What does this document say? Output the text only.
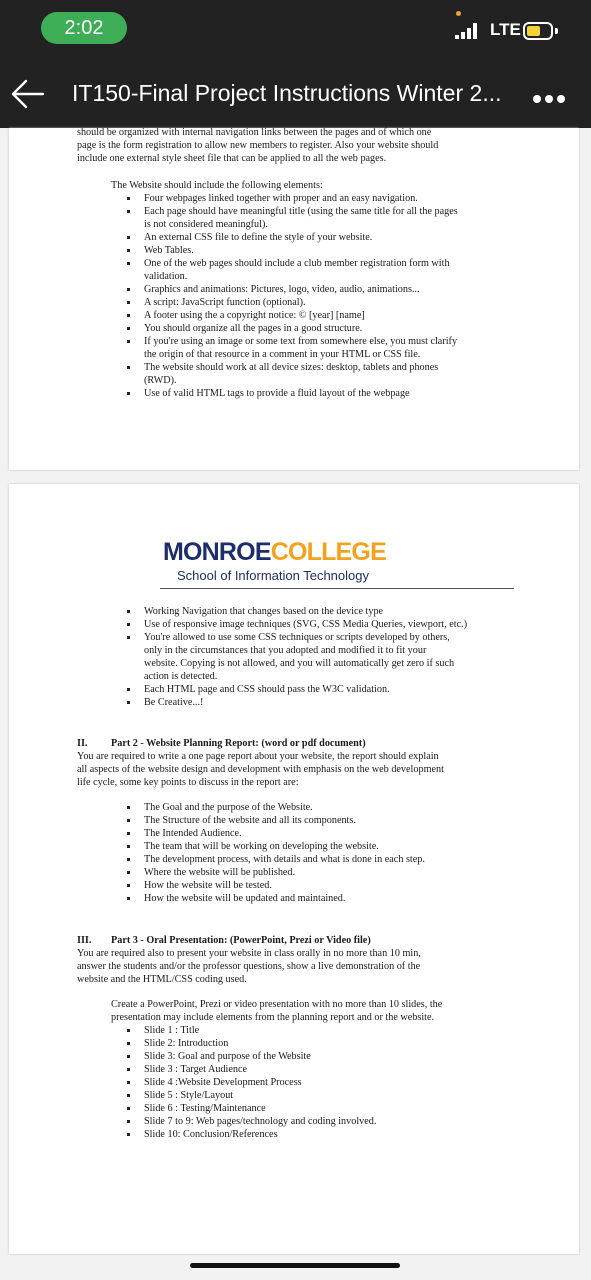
2:02	LTE
IT150-Final Project Instructions Winter 2...
should be organized with internal navigation links between the pages and of which one
page is the form registration to allow new members to register. Also your website should
include one external style sheet file that can be applied to all the web pages.
The Website should include the following elements:
Four webpages linked together with proper and an easy navigation.
Each page should have meaningful title (using the same title for all the pages
is not considered meaningful).
An external CSS file to define the style of your website.
Web Tables.
One of the web pages should include a club member registration form with
validation.
Graphics and animations: Pictures, logo, video, audio, animations...
A script: JavaScript function (optional).
A footer using the a copyright notice: © [year] [name]
You should organize all the pages in a good structure.
If you're using an image or some text from somewhere else, you must clarify
the origin of that resource in a comment in your HTML or CSS file.
The website should work at all device sizes: desktop, tablets and phones
(RWD).
Use of valid HTML tags to provide a fluid layout of the webpage
MONROECOLLEGE
School of Information Technology
Working Navigation that changes based on the device type
Use of responsive image techniques (SVG, CSS Media Queries, viewport, etc.)
You're allowed to use some CSS techniques or scripts developed by others,
only in the circumstances that you adopted and modified it to fit your
website. Copying is not allowed, and you will automatically get zero if such
action is detected.
Each HTML page and CSS should pass the W3C validation.
Be Creative...!
II. Part 2 - Website Planning Report: (word or pdf document)
You are required to write a one page report about your website, the report should explain
all aspects of the website design and development with emphasis on the web development
life cycle, some key points to discuss in the report are:
The Goal and the purpose of the Website.
The Structure of the website and all its components.
The Intended Audience.
The team that will be working on developing the website.
The development process, with details and what is done in each step.
Where the website will be published.
How the website will be tested.
How the website will be updated and maintained.
III. Part 3 - Oral Presentation: (PowerPoint, Prezi or Video file)
You are required also to present your website in class orally in no more than 10 min,
answer the students and/or the professor questions, show a live demonstration of the
website and the HTML/CSS coding used.
Create a PowerPoint, Prezi or video presentation with no more than 10 slides, the
presentation may include elements from the planning report and or the website.
Slide 1 : Title
Slide 2: Introduction
Slide 3: Goal and purpose of the Website
Slide 3 : Target Audience
Slide 4 :Website Development Process
Slide 5 : Style/Layout
Slide 6 : Testing/Maintenance
Slide 7 to 9: Web pages/technology and coding involved.
Slide 10: Conclusion/References
